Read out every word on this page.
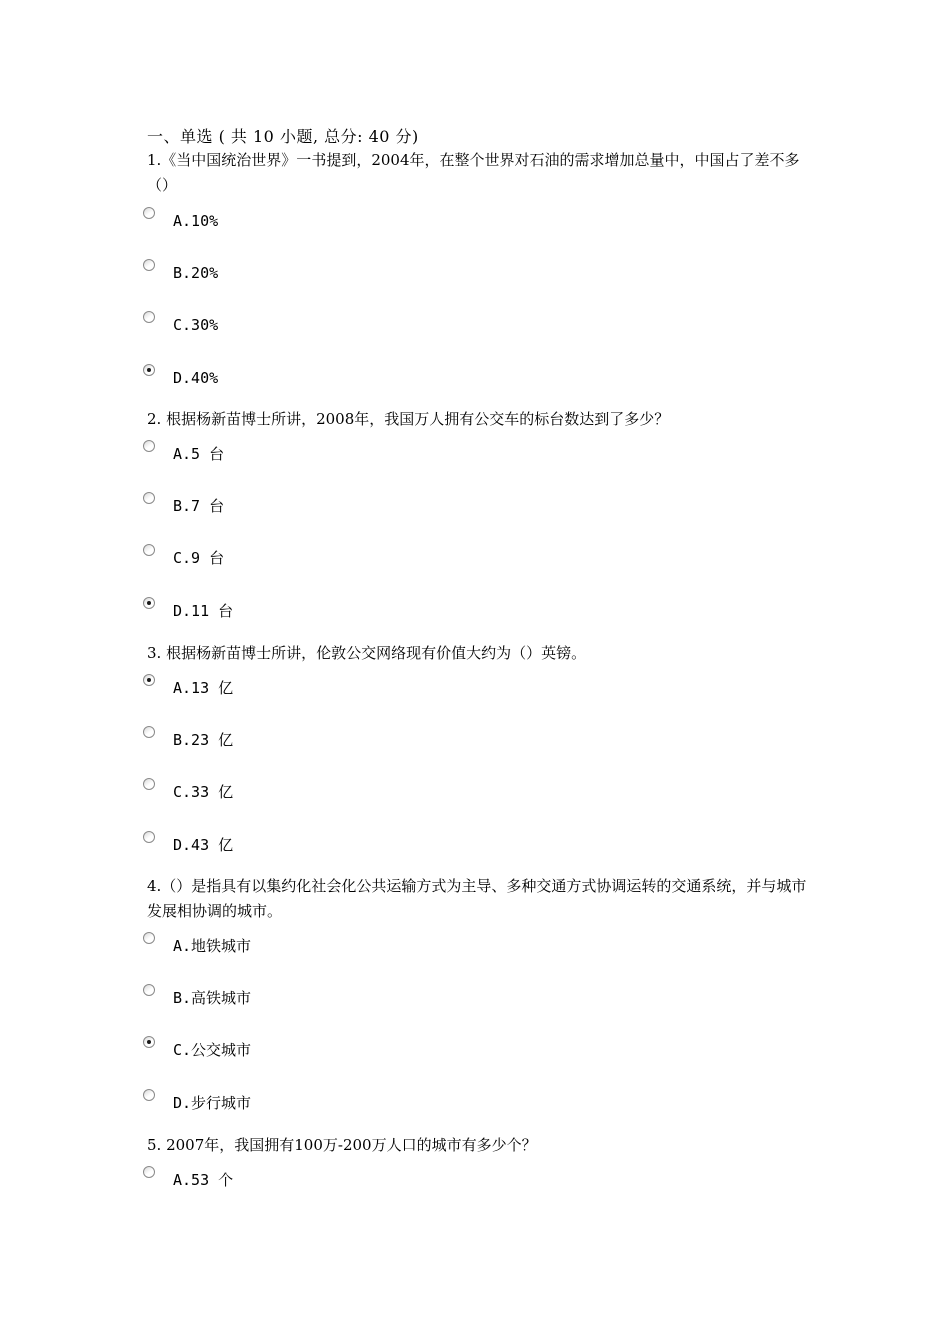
一、单选 ( 共 10 小题, 总分: 40 分)
1.《当中国统治世界》一书提到，2004年，在整个世界对石油的需求增加总量中，中国占了差不多（）
A.10%
B.20%
C.30%
D.40%
2. 根据杨新苗博士所讲，2008年，我国万人拥有公交车的标台数达到了多少？
A.5 台
B.7 台
C.9 台
D.11 台
3. 根据杨新苗博士所讲，伦敦公交网络现有价值大约为（）英镑。
A.13 亿
B.23 亿
C.33 亿
D.43 亿
4.（）是指具有以集约化社会化公共运输方式为主导、多种交通方式协调运转的交通系统，并与城市发展相协调的城市。
A.地铁城市
B.高铁城市
C.公交城市
D.步行城市
5. 2007年，我国拥有100万-200万人口的城市有多少个？
A.53 个
